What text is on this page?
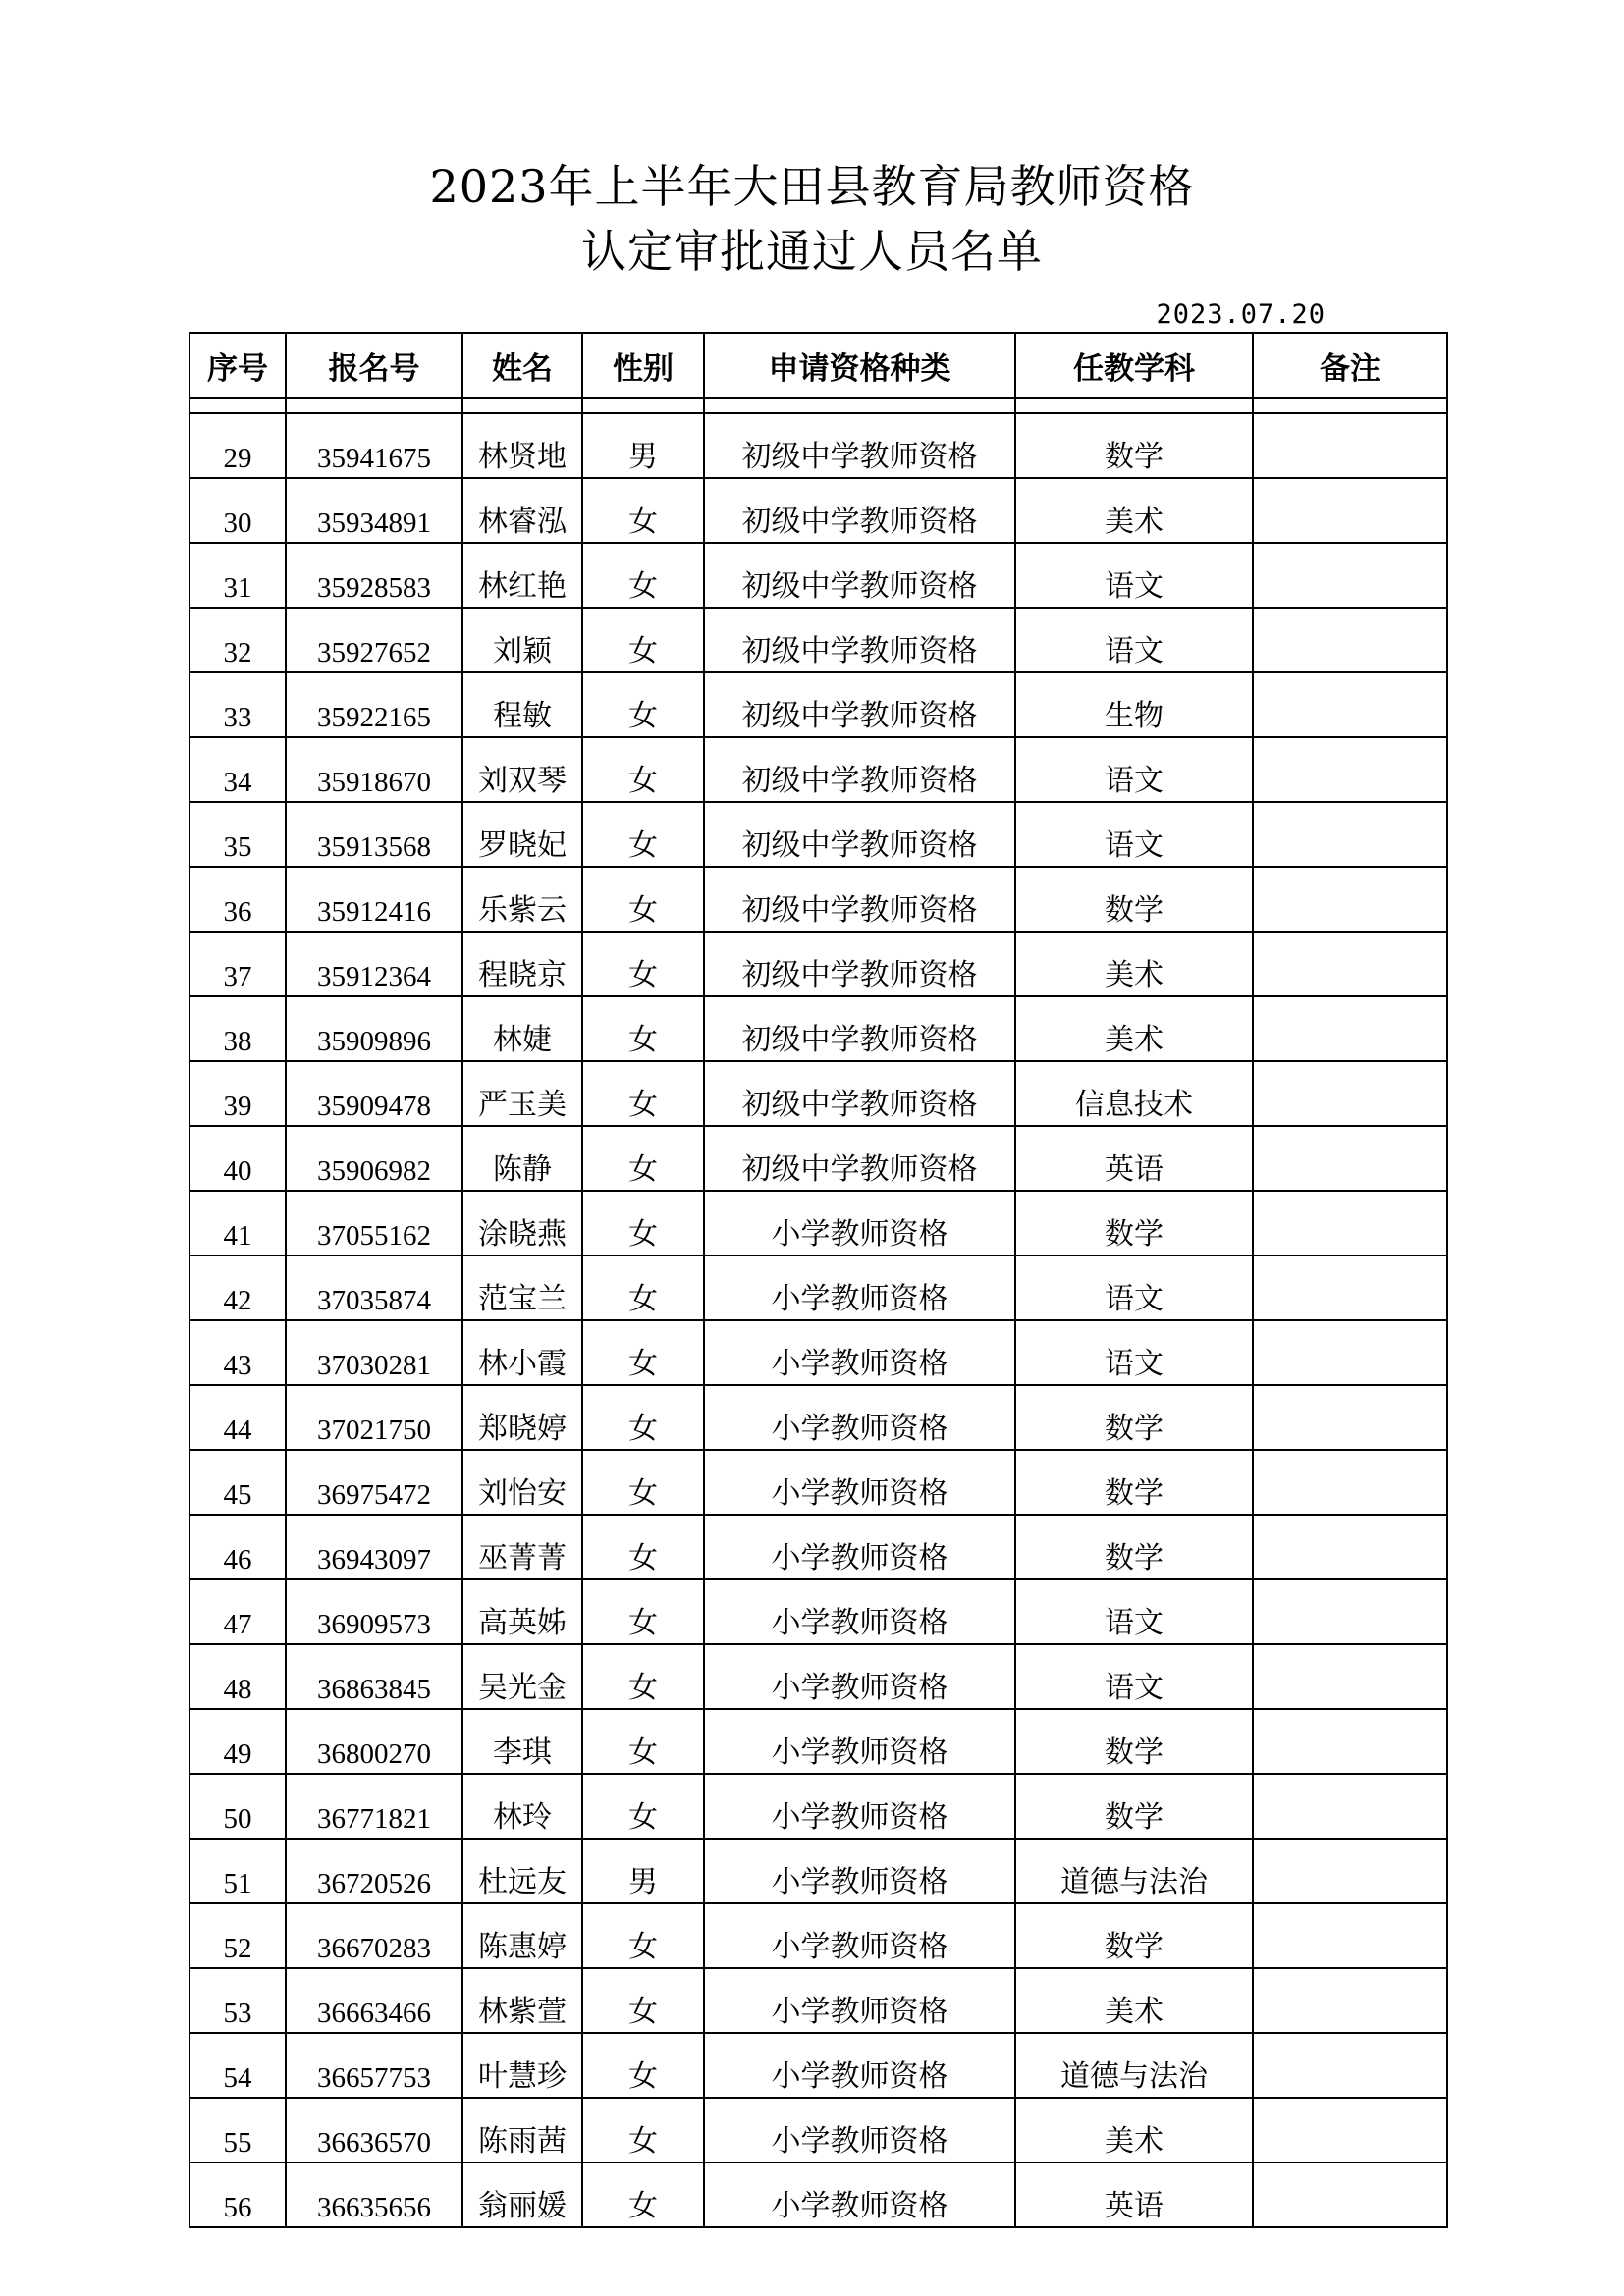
2023年上半年大田县教育局教师资格
认定审批通过人员名单
2023.07.20
序号	报名号	姓名	性别	申请资格种类	任教学科	备注

29	35941675	林贤地	男	初级中学教师资格	数学	
30	35934891	林睿泓	女	初级中学教师资格	美术	
31	35928583	林红艳	女	初级中学教师资格	语文	
32	35927652	刘颖	女	初级中学教师资格	语文	
33	35922165	程敏	女	初级中学教师资格	生物	
34	35918670	刘双琴	女	初级中学教师资格	语文	
35	35913568	罗晓妃	女	初级中学教师资格	语文	
36	35912416	乐紫云	女	初级中学教师资格	数学	
37	35912364	程晓京	女	初级中学教师资格	美术	
38	35909896	林婕	女	初级中学教师资格	美术	
39	35909478	严玉美	女	初级中学教师资格	信息技术	
40	35906982	陈静	女	初级中学教师资格	英语	
41	37055162	涂晓燕	女	小学教师资格	数学	
42	37035874	范宝兰	女	小学教师资格	语文	
43	37030281	林小霞	女	小学教师资格	语文	
44	37021750	郑晓婷	女	小学教师资格	数学	
45	36975472	刘怡安	女	小学教师资格	数学	
46	36943097	巫菁菁	女	小学教师资格	数学	
47	36909573	高英姊	女	小学教师资格	语文	
48	36863845	吴光金	女	小学教师资格	语文	
49	36800270	李琪	女	小学教师资格	数学	
50	36771821	林玲	女	小学教师资格	数学	
51	36720526	杜远友	男	小学教师资格	道德与法治	
52	36670283	陈惠婷	女	小学教师资格	数学	
53	36663466	林紫萱	女	小学教师资格	美术	
54	36657753	叶慧珍	女	小学教师资格	道德与法治	
55	36636570	陈雨茜	女	小学教师资格	美术	
56	36635656	翁丽媛	女	小学教师资格	英语	
